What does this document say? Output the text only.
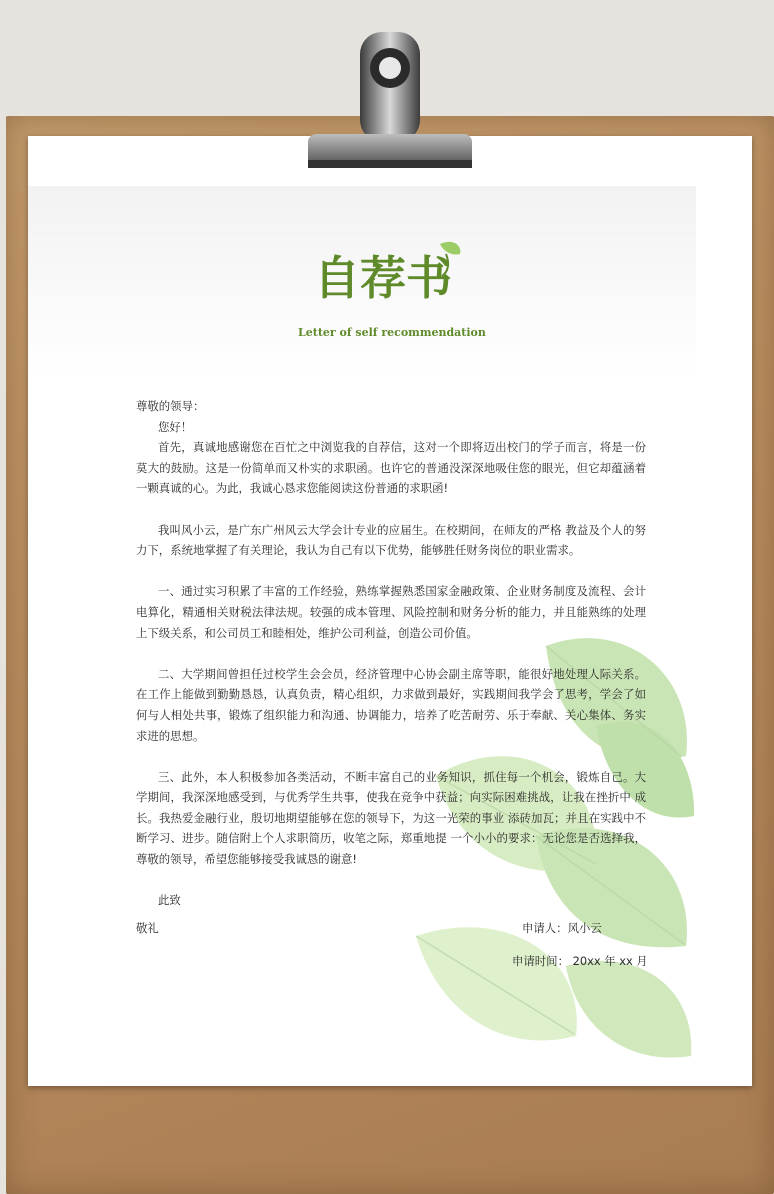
自荐书
Letter of self recommendation

尊敬的领导：

您好！

首先，真诚地感谢您在百忙之中浏览我的自荐信，这对一个即将迈出校门的学子而言，将是一份莫大的鼓励。这是一份简单而又朴实的求职函。也许它的普通没深深地吸住您的眼光，但它却蕴涵着一颗真诚的心。为此，我诚心恳求您能阅读这份普通的求职函!

我叫风小云，是广东广州风云大学会计专业的应届生。在校期间，在师友的严格 教益及个人的努力下，系统地掌握了有关理论，我认为自己有以下优势，能够胜任财务岗位的职业需求。

一、通过实习积累了丰富的工作经验，熟练掌握熟悉国家金融政策、企业财务制度及流程、会计电算化，精通相关财税法律法规。较强的成本管理、风险控制和财务分析的能力，并且能熟练的处理上下级关系，和公司员工和睦相处，维护公司利益，创造公司价值。

二、大学期间曾担任过校学生会会员，经济管理中心协会副主席等职，能很好地处理人际关系。在工作上能做到勤勤恳恳，认真负责，精心组织，力求做到最好，实践期间我学会了思考，学会了如何与人相处共事，锻炼了组织能力和沟通、协调能力，培养了吃苦耐劳、乐于奉献、关心集体、务实求进的思想。

三、此外，本人积极参加各类活动，不断丰富自己的业务知识，抓住每一个机会，锻炼自己。大学期间，我深深地感受到，与优秀学生共事，使我在竞争中获益；向实际困难挑战，让我在挫折中 成长。我热爱金融行业，殷切地期望能够在您的领导下，为这一光荣的事业 添砖加瓦；并且在实践中不断学习、进步。随信附上个人求职简历，收笔之际，郑重地提 一个小小的要求：无论您是否选择我，尊敬的领导，希望您能够接受我诚恳的谢意!

此致

敬礼	申请人：风小云
申请时间： 20xx 年 xx 月
